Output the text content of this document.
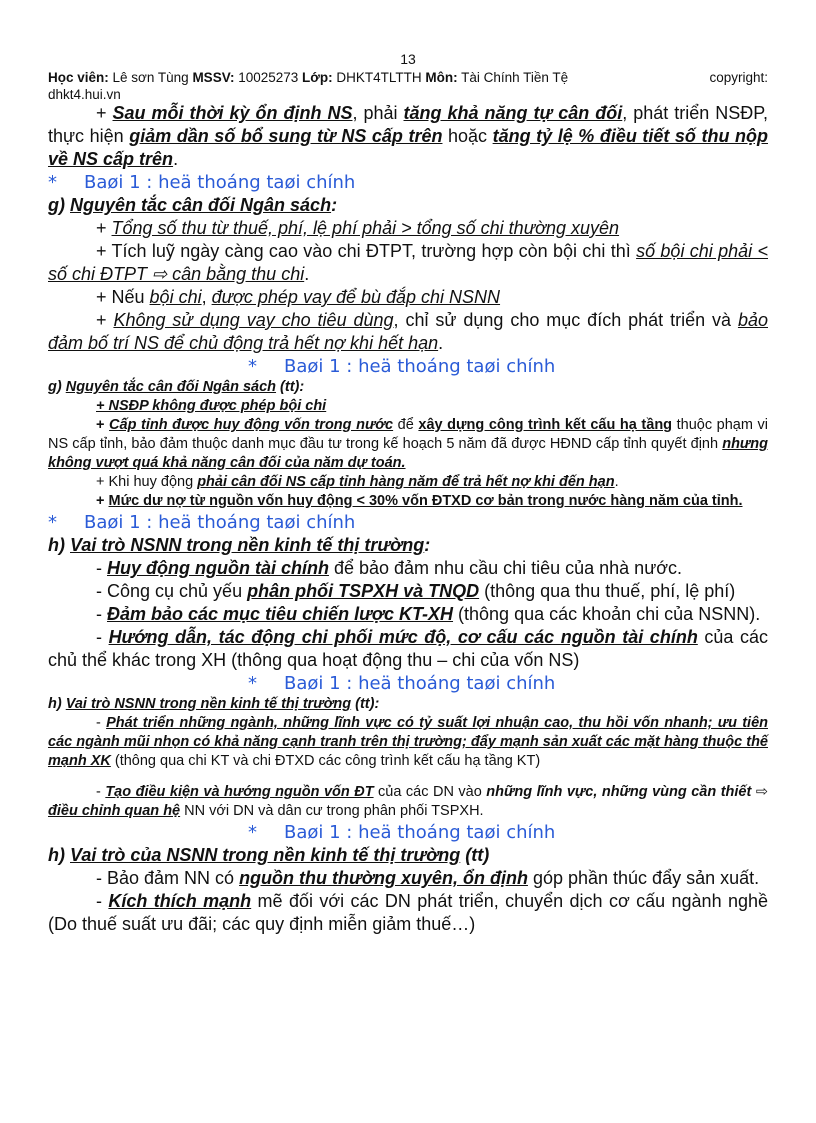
13
Học viên: Lê sơn Tùng MSSV: 10025273 Lớp: DHKT4TLTTH Môn: Tài Chính Tiền Tệ	copyright:
dhkt4.hui.vn

+ Sau mỗi thời kỳ ổn định NS, phải tăng khả năng tự cân đối, phát triển NSĐP, thực hiện giảm dần số bổ sung từ NS cấp trên hoặc tăng tỷ lệ % điều tiết số thu nộp về NS cấp trên.

* Baøi 1 : heä thoáng taøi chính

g) Nguyên tắc cân đối Ngân sách:

+ Tổng số thu từ thuế, phí, lệ phí phải > tổng số chi thường xuyên

+ Tích luỹ ngày càng cao vào chi ĐTPT, trường hợp còn bội chi thì số bội chi phải < số chi ĐTPT ⇨ cân bằng thu chi.

+ Nếu bội chi, được phép vay để bù đắp chi NSNN

+ Không sử dụng vay cho tiêu dùng, chỉ sử dụng cho mục đích phát triển và bảo đảm bố trí NS để chủ động trả hết nợ khi hết hạn.

* Baøi 1 : heä thoáng taøi chính

g) Nguyên tắc cân đối Ngân sách (tt):

+ NSĐP không được phép bội chi

+ Cấp tỉnh được huy động vốn trong nước để xây dựng công trình kết cấu hạ tầng thuộc phạm vi NS cấp tỉnh, bảo đảm thuộc danh mục đầu tư trong kế hoạch 5 năm đã được HĐND cấp tỉnh quyết định nhưng không vượt quá khả năng cân đối của năm dự toán.

+ Khi huy động phải cân đối NS cấp tỉnh hàng năm để trả hết nợ khi đến hạn.

+ Mức dư nợ từ nguồn vốn huy động < 30% vốn ĐTXD cơ bản trong nước hàng năm của tỉnh.

* Baøi 1 : heä thoáng taøi chính

h) Vai trò NSNN trong nền kinh tế thị trường:

- Huy động nguồn tài chính để bảo đảm nhu cầu chi tiêu của nhà nước.

- Công cụ chủ yếu phân phối TSPXH và TNQD (thông qua thu thuế, phí, lệ phí)

- Đảm bảo các mục tiêu chiến lược KT-XH (thông qua các khoản chi của NSNN).

- Hướng dẫn, tác động chi phối mức độ, cơ cấu các nguồn tài chính của các chủ thể khác trong XH (thông qua hoạt động thu – chi của vốn NS)

* Baøi 1 : heä thoáng taøi chính

h) Vai trò NSNN trong nền kinh tế thị trường (tt):

- Phát triển những ngành, những lĩnh vực có tỷ suất lợi nhuận cao, thu hồi vốn nhanh; ưu tiên các ngành mũi nhọn có khả năng cạnh tranh trên thị trường; đẩy mạnh sản xuất các mặt hàng thuộc thế mạnh XK (thông qua chi KT và chi ĐTXD các công trình kết cấu hạ tầng KT)

- Tạo điều kiện và hướng nguồn vốn ĐT của các DN vào những lĩnh vực, những vùng cần thiết ⇨ điều chỉnh quan hệ NN với DN và dân cư trong phân phối TSPXH.

* Baøi 1 : heä thoáng taøi chính

h) Vai trò của NSNN trong nền kinh tế thị trường (tt)

- Bảo đảm NN có nguồn thu thường xuyên, ổn định góp phần thúc đẩy sản xuất.

- Kích thích mạnh mẽ đối với các DN phát triển, chuyển dịch cơ cấu ngành nghề (Do thuế suất ưu đãi; các quy định miễn giảm thuế…)
